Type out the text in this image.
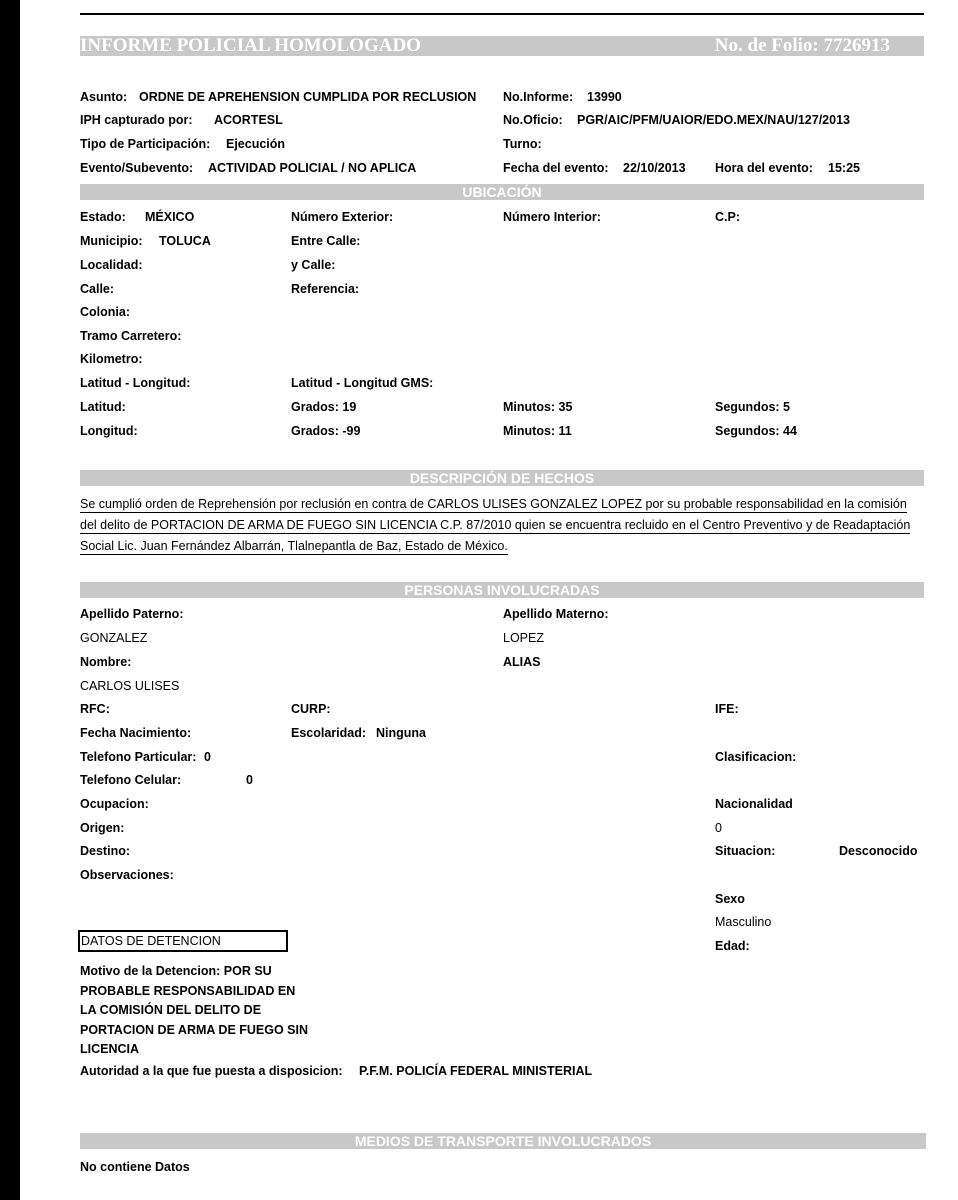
INFORME POLICIAL HOMOLOGADO	No. de Folio: 7726913
Asunto: ORDNE DE APREHENSION CUMPLIDA POR RECLUSION No.Informe: 13990
IPH capturado por: ACORTESL	No.Oficio: PGR/AIC/PFM/UAIOR/EDO.MEX/NAU/127/2013
Tipo de Participación: Ejecución	Turno:
Evento/Subevento: ACTIVIDAD POLICIAL / NO APLICA	Fecha del evento: 22/10/2013 Hora del evento: 15:25
UBICACIÓN
Estado: MÉXICO	Número Exterior:	Número Interior:	C.P:
Municipio: TOLUCA	Entre Calle:
Localidad:	y Calle:
Calle:	Referencia:
Colonia:
Tramo Carretero:
Kilometro:
Latitud - Longitud:	Latitud - Longitud GMS:
Latitud:	Grados: 19	Minutos: 35	Segundos: 5
Longitud:	Grados: -99	Minutos: 11	Segundos: 44
DESCRIPCIÓN DE HECHOS
Se cumplió orden de Reprehensión por reclusión en contra de CARLOS ULISES GONZALEZ LOPEZ por su probable responsabilidad en la comisión del delito de PORTACION DE ARMA DE FUEGO SIN LICENCIA C.P. 87/2010 quien se encuentra recluido en el Centro Preventivo y de Readaptación Social Lic. Juan Fernández Albarrán, Tlalnepantla de Baz, Estado de México.
PERSONAS INVOLUCRADAS
Apellido Paterno:	Apellido Materno:
GONZALEZ	LOPEZ
Nombre:	ALIAS
CARLOS ULISES
RFC:	CURP:	IFE:
Fecha Nacimiento:	Escolaridad: Ninguna
Telefono Particular: 0	Clasificacion:
Telefono Celular:	0
Ocupacion:	Nacionalidad
Origen:	0
Destino:	Situacion:	Desconocido
Observaciones:
Sexo
Masculino
DATOS DE DETENCION	Edad:
Motivo de la Detencion: POR SU PROBABLE RESPONSABILIDAD EN LA COMISIÓN DEL DELITO DE PORTACION DE ARMA DE FUEGO SIN LICENCIA
Autoridad a la que fue puesta a disposicion: P.F.M. POLICÍA FEDERAL MINISTERIAL
MEDIOS DE TRANSPORTE INVOLUCRADOS
No contiene Datos
